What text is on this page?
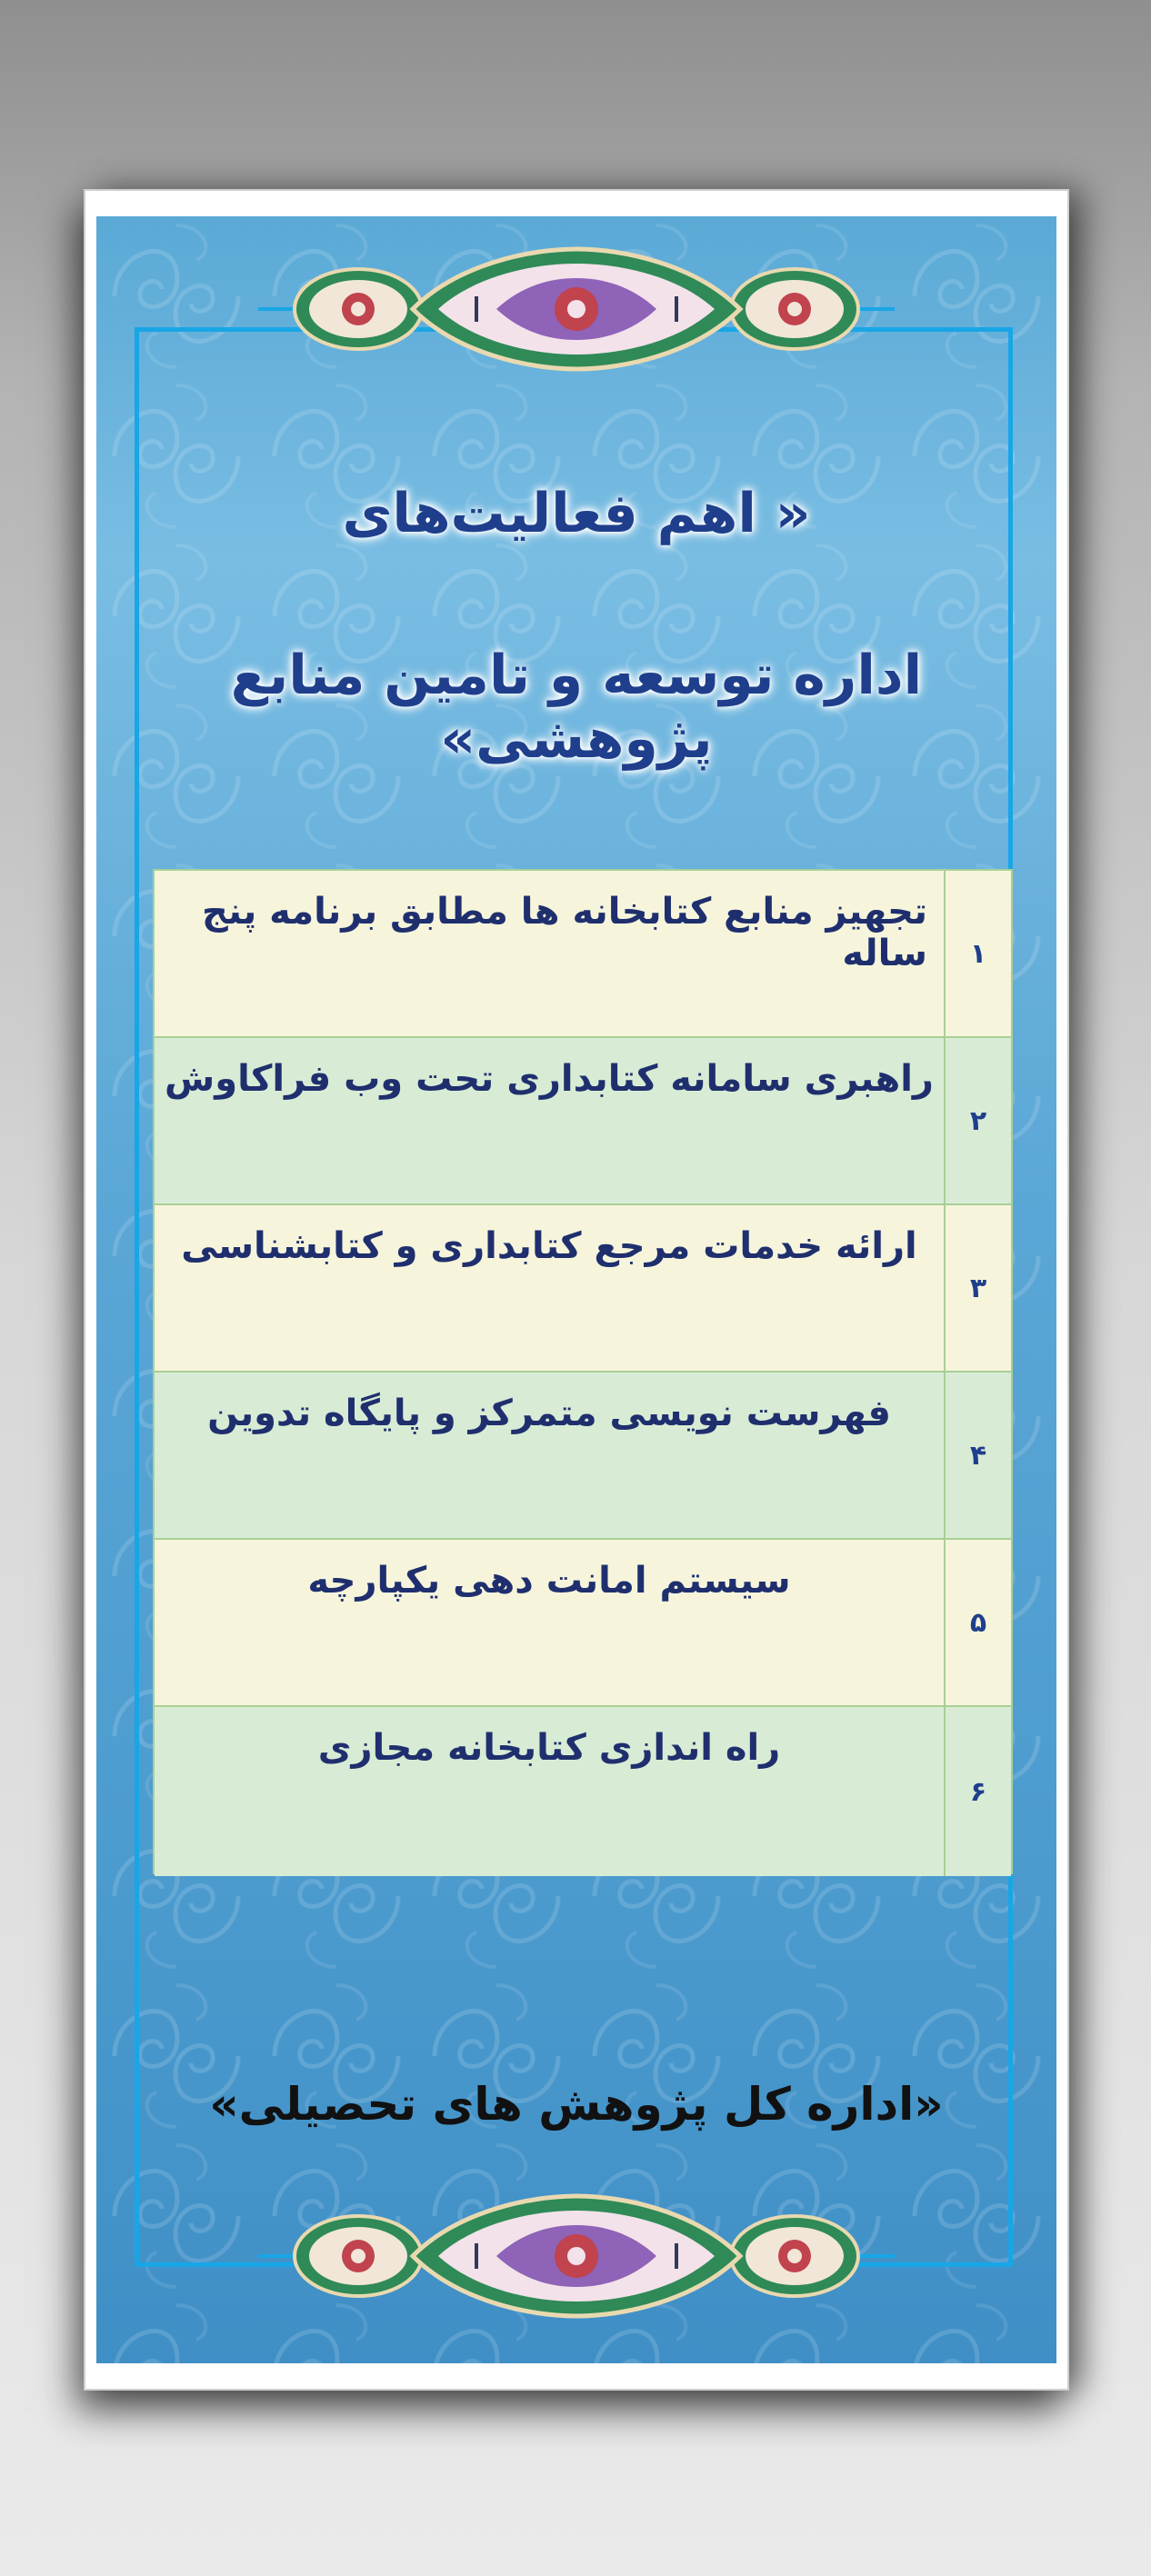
« اهم فعالیت‌های
اداره توسعه و تامین منابع پژوهشی»
۱
تجهیز منابع کتابخانه ها مطابق برنامه پنج ساله
۲
راهبری سامانه کتابداری تحت وب فراکاوش
۳
ارائه خدمات مرجع کتابداری و کتابشناسی
۴
فهرست نویسی متمرکز و پایگاه تدوین
۵
سیستم امانت دهی یکپارچه
۶
راه اندازی کتابخانه مجازی
«اداره کل پژوهش های تحصیلی»
